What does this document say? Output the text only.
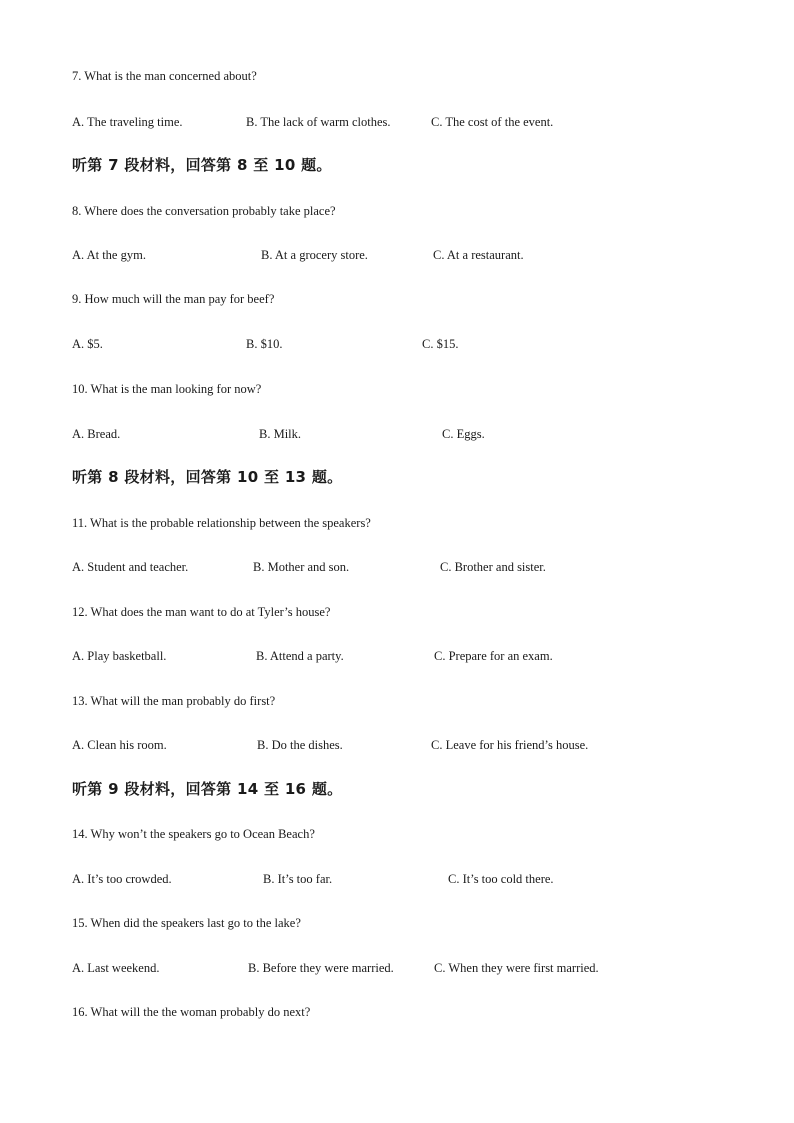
7. What is the man concerned about?
A. The traveling time.	B. The lack of warm clothes.	C. The cost of the event.
听第 7 段材料，回答第 8 至 10 题。
8. Where does the conversation probably take place?
A. At the gym.	B. At a grocery store.	C. At a restaurant.
9. How much will the man pay for beef?
A. $5.	B. $10.	C. $15.
10. What is the man looking for now?
A. Bread.	B. Milk.	C. Eggs.
听第 8 段材料，回答第 10 至 13 题。
11. What is the probable relationship between the speakers?
A. Student and teacher.	B. Mother and son.	C. Brother and sister.
12. What does the man want to do at Tyler’s house?
A. Play basketball.	B. Attend a party.	C. Prepare for an exam.
13. What will the man probably do first?
A. Clean his room.	B. Do the dishes.	C. Leave for his friend’s house.
听第 9 段材料，回答第 14 至 16 题。
14. Why won’t the speakers go to Ocean Beach?
A. It’s too crowded.	B. It’s too far.	C. It’s too cold there.
15. When did the speakers last go to the lake?
A. Last weekend.	B. Before they were married.	C. When they were first married.
16. What will the the woman probably do next?
